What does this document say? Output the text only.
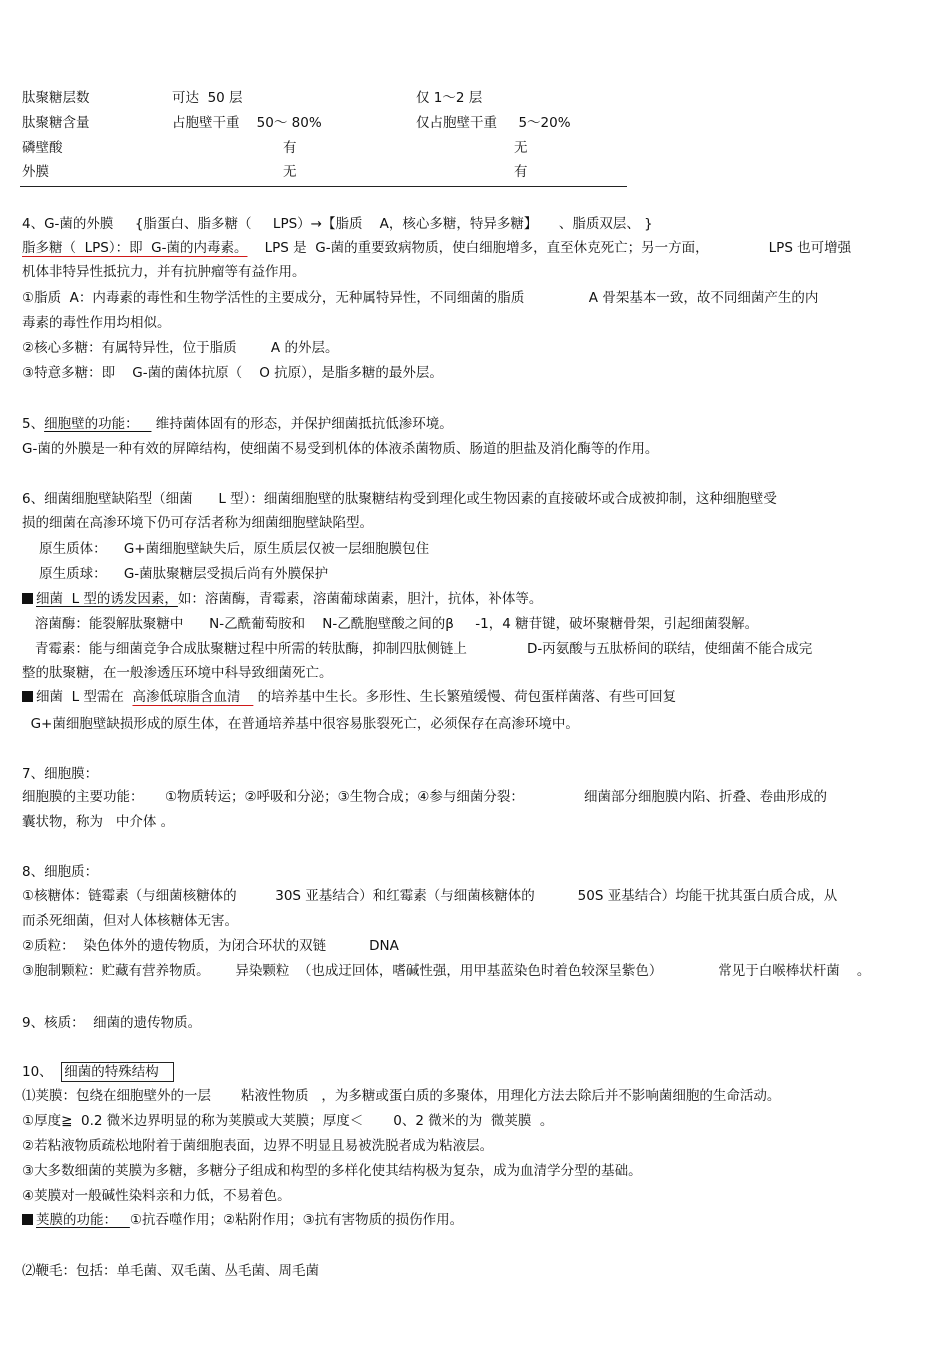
肽聚糖层数	可达  50 层	仅 1～2 层
肽聚糖含量	占胞壁干重    50～ 80%	仅占胞壁干重     5～20%
磷壁酸	有	无
外膜	无	有
4、G-菌的外膜     {脂蛋白、脂多糖（     LPS）→【脂质    A，核心多糖，特异多糖】     、脂质双层、 }
脂多糖（  LPS）：即  G-菌的内毒素。    LPS 是  G-菌的重要致病物质，使白细胞增多，直至休克死亡；另一方面，              LPS 也可增强
机体非特异性抵抗力，并有抗肿瘤等有益作用。
①脂质  A：内毒素的毒性和生物学活性的主要成分，无种属特异性，不同细菌的脂质               A 骨架基本一致，故不同细菌产生的内
毒素的毒性作用均相似。
②核心多糖：有属特异性，位于脂质        A 的外层。
③特意多糖：即    G-菌的菌体抗原（    O 抗原），是脂多糖的最外层。
5、细胞壁的功能：    维持菌体固有的形态，并保护细菌抵抗低渗环境。
G-菌的外膜是一种有效的屏障结构，使细菌不易受到机体的体液杀菌物质、肠道的胆盐及消化酶等的作用。
6、细菌细胞壁缺陷型（细菌      L 型）：细菌细胞壁的肽聚糖结构受到理化或生物因素的直接破坏或合成被抑制，这种细胞壁受
损的细菌在高渗环境下仍可存活者称为细菌细胞壁缺陷型。
原生质体：    G+菌细胞壁缺失后，原生质层仅被一层细胞膜包住
原生质球：    G-菌肽聚糖层受损后尚有外膜保护
细菌  L 型的诱发因素，如：溶菌酶，青霉素，溶菌葡球菌素，胆汁，抗体，补体等。
溶菌酶：能裂解肽聚糖中      N-乙酰葡萄胺和    N-乙酰胞壁酸之间的β     -1，4 糖苷键，破坏聚糖骨架，引起细菌裂解。
青霉素：能与细菌竞争合成肽聚糖过程中所需的转肽酶，抑制四肽侧链上              D-丙氨酸与五肽桥间的联结，使细菌不能合成完
整的肽聚糖，在一般渗透压环境中科导致细菌死亡。
细菌  L 型需在  高渗低琼脂含血清    的培养基中生长。多形性、生长繁殖缓慢、荷包蛋样菌落、有些可回复
G+菌细胞壁缺损形成的原生体，在普通培养基中很容易胀裂死亡，必须保存在高渗环境中。
7、细胞膜：
细胞膜的主要功能：     ①物质转运；②呼吸和分泌；③生物合成；④参与细菌分裂：              细菌部分细胞膜内陷、折叠、卷曲形成的
囊状物，称为   中介体 。
8、细胞质：
①核糖体：链霉素（与细菌核糖体的         30S 亚基结合）和红霉素（与细菌核糖体的          50S 亚基结合）均能干扰其蛋白质合成，从
而杀死细菌，但对人体核糖体无害。
②质粒：  染色体外的遗传物质，为闭合环状的双链          DNA
③胞制颗粒：贮藏有营养物质。      异染颗粒  （也成迂回体，嗜碱性强，用甲基蓝染色时着色较深呈紫色）             常见于白喉棒状杆菌    。
9、核质：  细菌的遗传物质。
10、  细菌的特殊结构
⑴荚膜：包绕在细胞壁外的一层       粘液性物质   ，为多糖或蛋白质的多聚体，用理化方法去除后并不影响菌细胞的生命活动。
①厚度≧  0.2 微米边界明显的称为荚膜或大荚膜；厚度＜       0、2 微米的为  微荚膜  。
②若粘液物质疏松地附着于菌细胞表面，边界不明显且易被洗脱者成为粘液层。
③大多数细菌的荚膜为多糖，多糖分子组成和构型的多样化使其结构极为复杂，成为血清学分型的基础。
④荚膜对一般碱性染料亲和力低，不易着色。
荚膜的功能：   ①抗吞噬作用；②粘附作用；③抗有害物质的损伤作用。
⑵鞭毛：包括：单毛菌、双毛菌、丛毛菌、周毛菌
